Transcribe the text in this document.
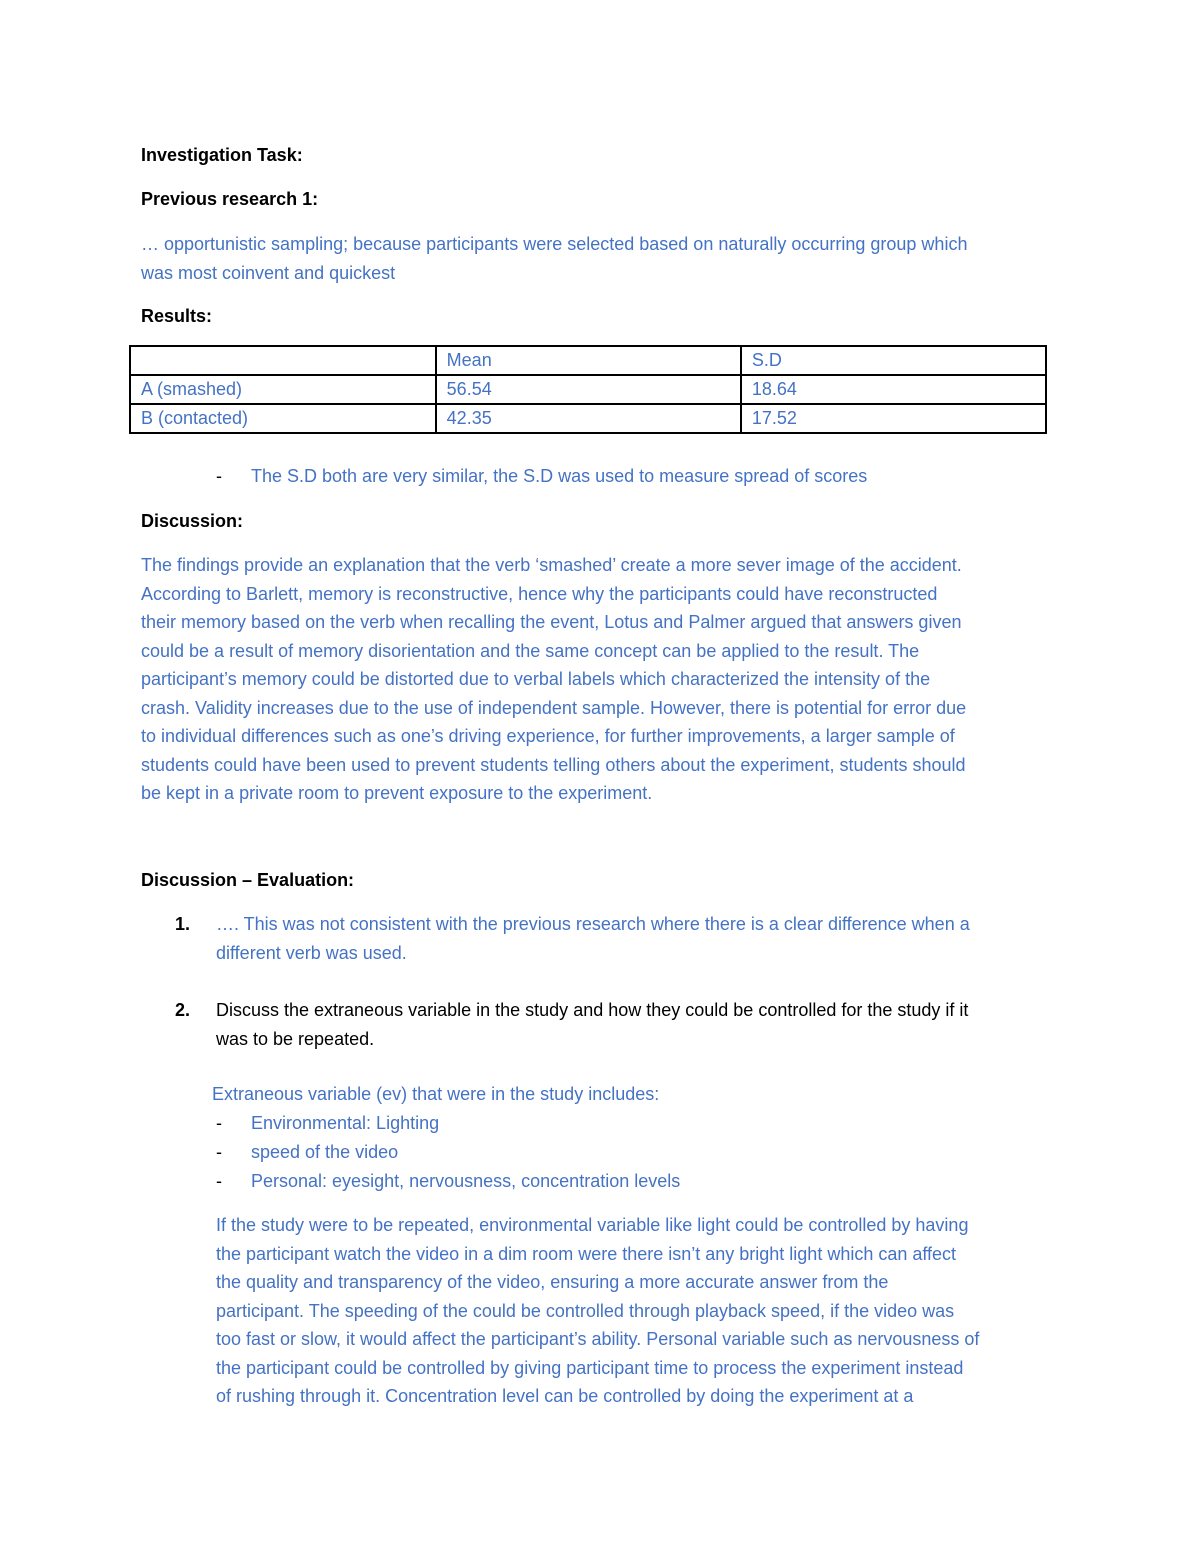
Investigation Task:
Previous research 1:
… opportunistic sampling; because participants were selected based on naturally occurring group which
was most coinvent and quickest
Results:
	Mean	S.D
A (smashed)	56.54	18.64
B (contacted)	42.35	17.52
- The S.D both are very similar, the S.D was used to measure spread of scores
Discussion:
The findings provide an explanation that the verb ‘smashed’ create a more sever image of the accident.
According to Barlett, memory is reconstructive, hence why the participants could have reconstructed
their memory based on the verb when recalling the event, Lotus and Palmer argued that answers given
could be a result of memory disorientation and the same concept can be applied to the result. The
participant’s memory could be distorted due to verbal labels which characterized the intensity of the
crash. Validity increases due to the use of independent sample. However, there is potential for error due
to individual differences such as one’s driving experience, for further improvements, a larger sample of
students could have been used to prevent students telling others about the experiment, students should
be kept in a private room to prevent exposure to the experiment.
Discussion – Evaluation:
1. …. This was not consistent with the previous research where there is a clear difference when a
different verb was used.
2. Discuss the extraneous variable in the study and how they could be controlled for the study if it
was to be repeated.
Extraneous variable (ev) that were in the study includes:
- Environmental: Lighting
- speed of the video
- Personal: eyesight, nervousness, concentration levels
If the study were to be repeated, environmental variable like light could be controlled by having
the participant watch the video in a dim room were there isn’t any bright light which can affect
the quality and transparency of the video, ensuring a more accurate answer from the
participant. The speeding of the could be controlled through playback speed, if the video was
too fast or slow, it would affect the participant’s ability. Personal variable such as nervousness of
the participant could be controlled by giving participant time to process the experiment instead
of rushing through it. Concentration level can be controlled by doing the experiment at a
